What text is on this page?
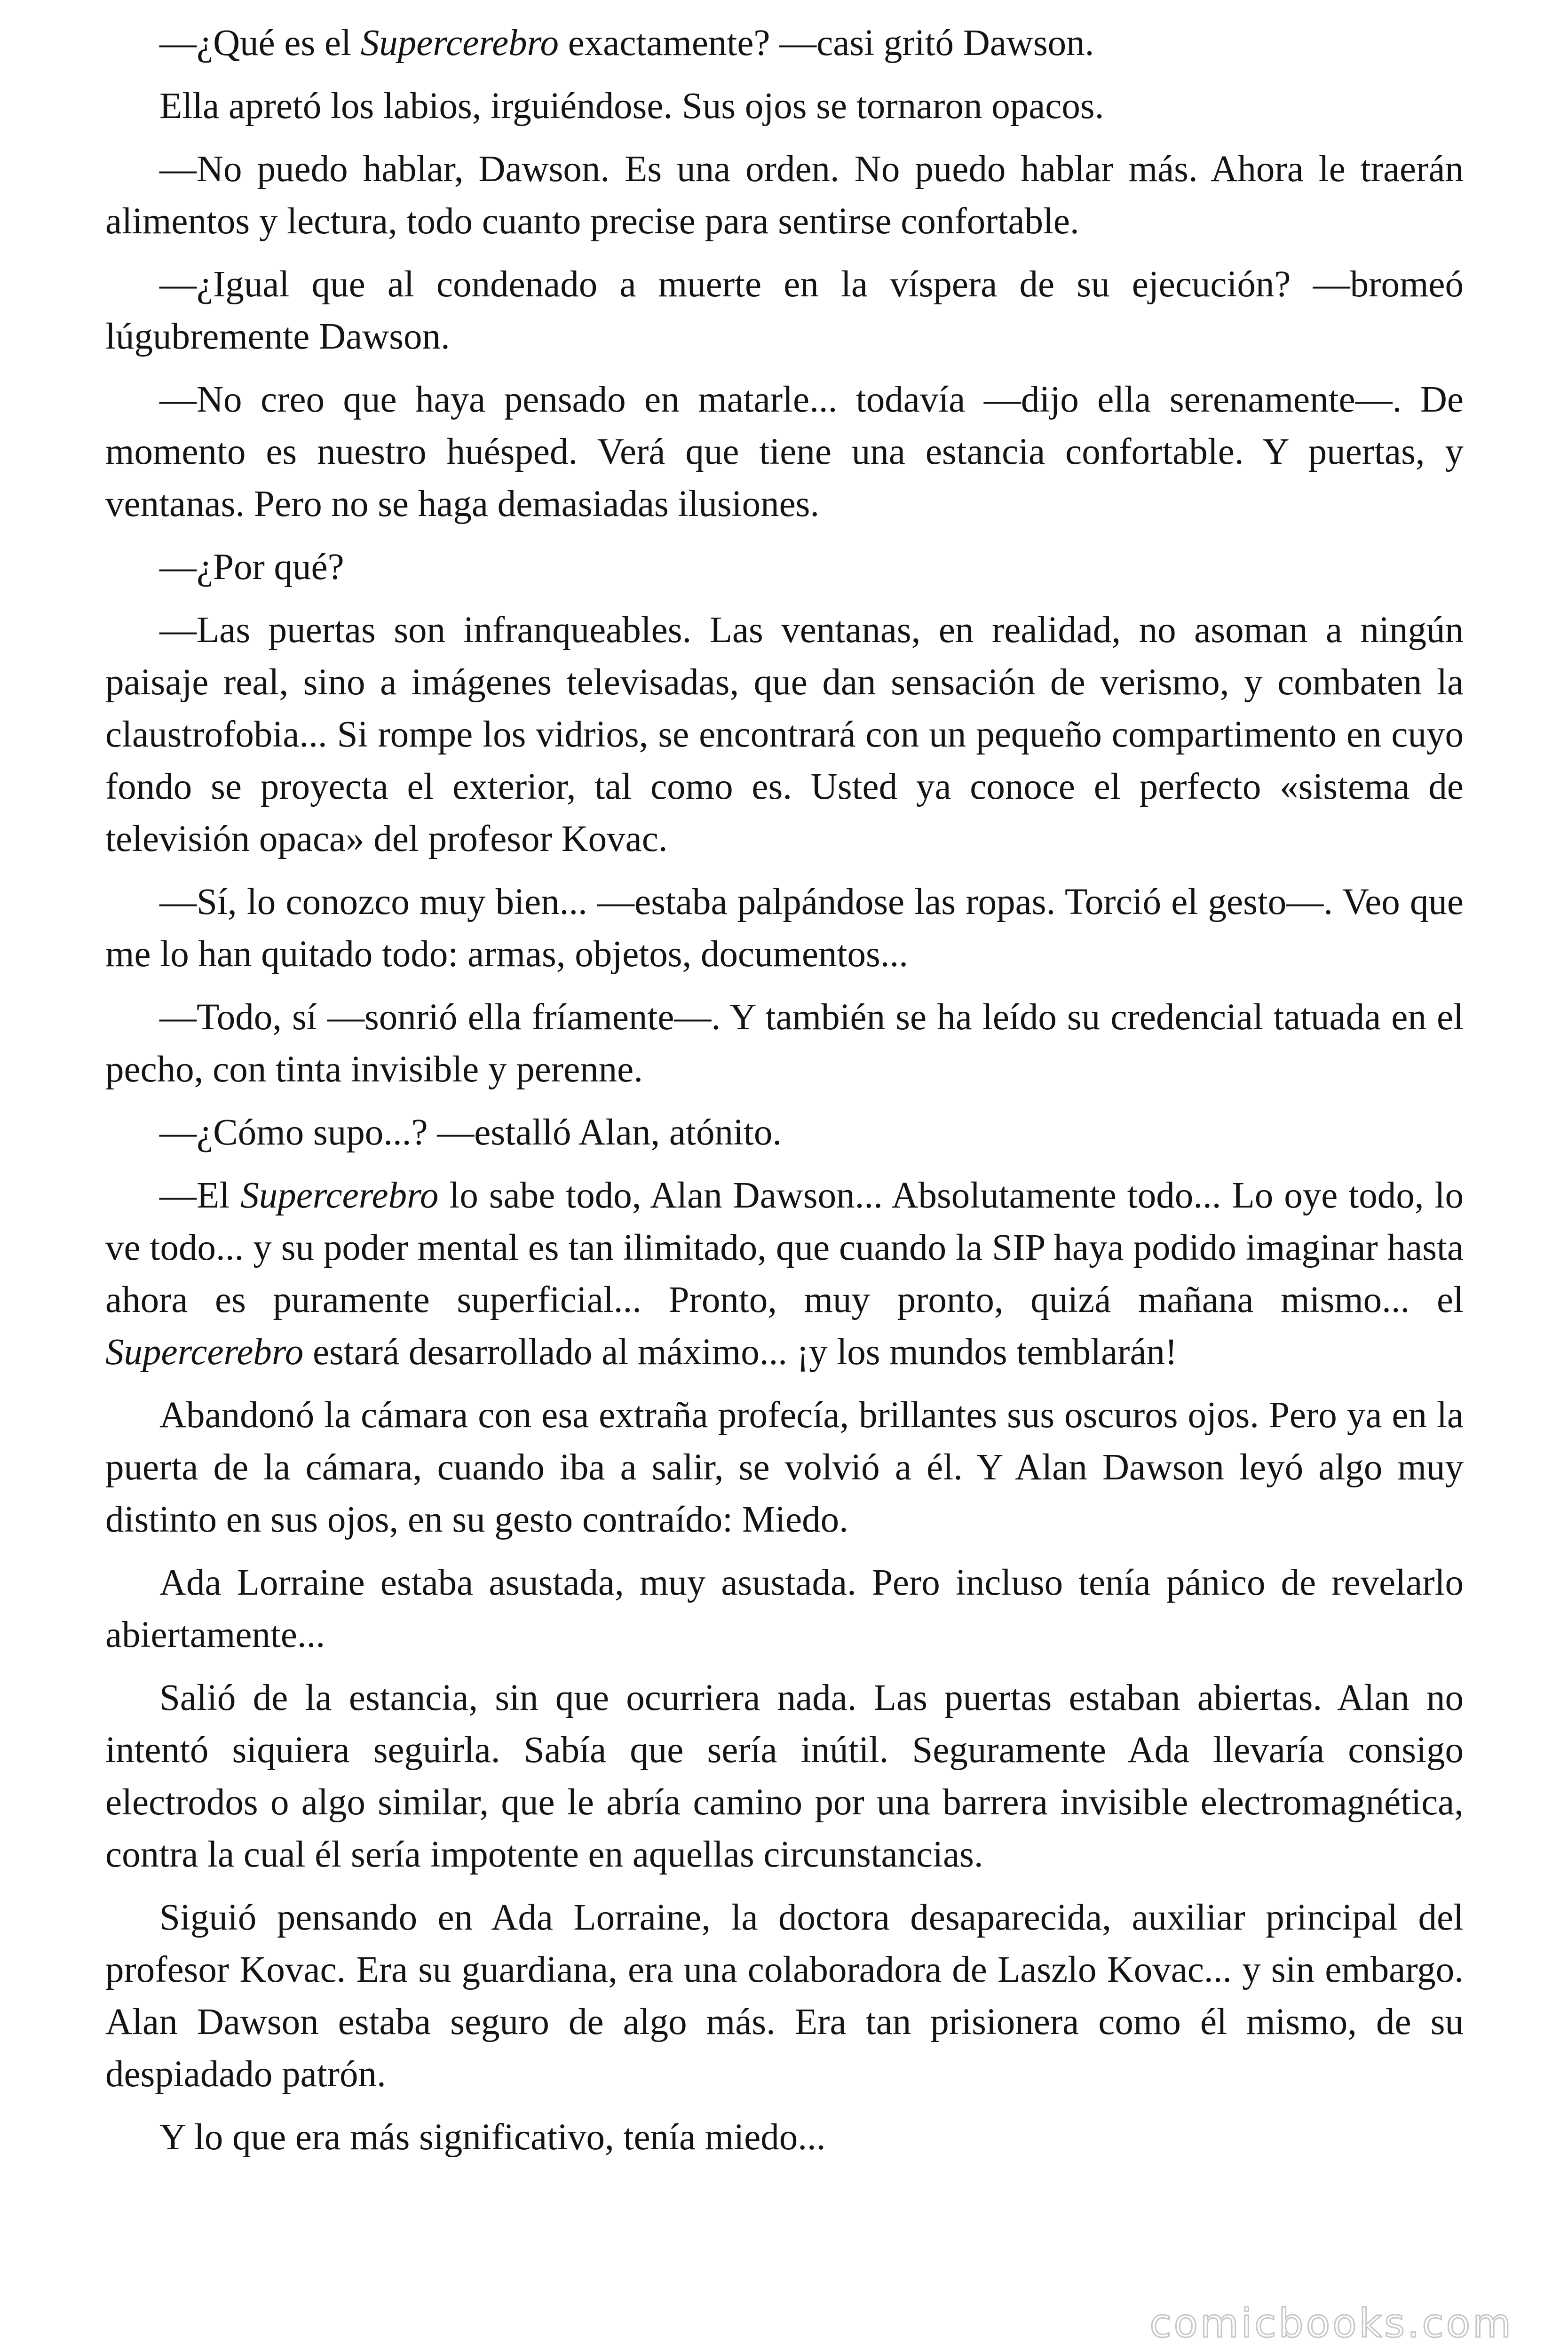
—¿Qué es el Supercerebro exactamente? —casi gritó Dawson.

Ella apretó los labios, irguiéndose. Sus ojos se tornaron opacos.

—No puedo hablar, Dawson. Es una orden. No puedo hablar más. Ahora le traerán alimentos y lectura, todo cuanto precise para sentirse confortable.

—¿Igual que al condenado a muerte en la víspera de su ejecución? —bromeó lúgubremente Dawson.

—No creo que haya pensado en matarle... todavía —dijo ella serenamente—. De momento es nuestro huésped. Verá que tiene una estancia confortable. Y puertas, y ventanas. Pero no se haga demasiadas ilusiones.

—¿Por qué?

—Las puertas son infranqueables. Las ventanas, en realidad, no asoman a ningún paisaje real, sino a imágenes televisadas, que dan sensación de verismo, y combaten la claustrofobia... Si rompe los vidrios, se encontrará con un pequeño compartimento en cuyo fondo se proyecta el exterior, tal como es. Usted ya conoce el perfecto «sistema de televisión opaca» del profesor Kovac.

—Sí, lo conozco muy bien... —estaba palpándose las ropas. Torció el gesto—. Veo que me lo han quitado todo: armas, objetos, documentos...

—Todo, sí —sonrió ella fríamente—. Y también se ha leído su credencial tatuada en el pecho, con tinta invisible y perenne.

—¿Cómo supo...? —estalló Alan, atónito.

—El Supercerebro lo sabe todo, Alan Dawson... Absolutamente todo... Lo oye todo, lo ve todo... y su poder mental es tan ilimitado, que cuando la SIP haya podido imaginar hasta ahora es puramente superficial... Pronto, muy pronto, quizá mañana mismo... el Supercerebro estará desarrollado al máximo... ¡y los mundos temblarán!

Abandonó la cámara con esa extraña profecía, brillantes sus oscuros ojos. Pero ya en la puerta de la cámara, cuando iba a salir, se volvió a él. Y Alan Dawson leyó algo muy distinto en sus ojos, en su gesto contraído: Miedo.

Ada Lorraine estaba asustada, muy asustada. Pero incluso tenía pánico de revelarlo abiertamente...

Salió de la estancia, sin que ocurriera nada. Las puertas estaban abiertas. Alan no intentó siquiera seguirla. Sabía que sería inútil. Seguramente Ada llevaría consigo electrodos o algo similar, que le abría camino por una barrera invisible electromagnética, contra la cual él sería impotente en aquellas circunstancias.

Siguió pensando en Ada Lorraine, la doctora desaparecida, auxiliar principal del profesor Kovac. Era su guardiana, era una colaboradora de Laszlo Kovac... y sin embargo. Alan Dawson estaba seguro de algo más. Era tan prisionera como él mismo, de su despiadado patrón.

Y lo que era más significativo, tenía miedo...

comicbooks.com
